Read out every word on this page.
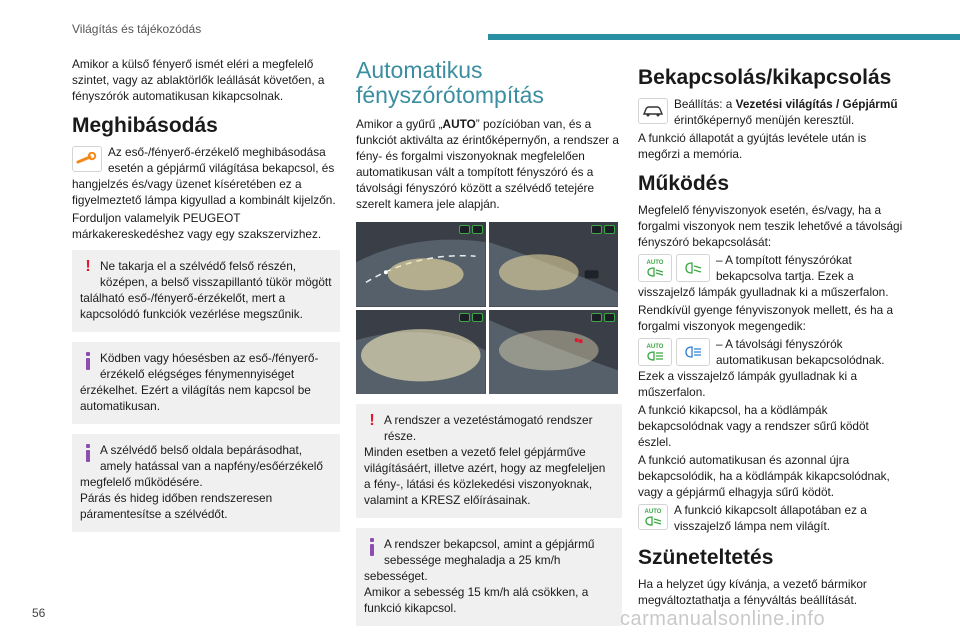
Világítás és tájékozódás

Amikor a külső fényerő ismét eléri a megfelelő szintet, vagy az ablaktörlők leállását követően, a fényszórók automatikusan kikapcsolnak.

Meghibásodás

Az eső-/fényerő-érzékelő meghibásodása esetén a gépjármű világítása bekapcsol, és hangjelzés és/vagy üzenet kíséretében ez a figyelmeztető lámpa kigyullad a kombinált kijelzőn.

Forduljon valamelyik PEUGEOT márkakereskedéshez vagy egy szakszervizhez.

! Ne takarja el a szélvédő felső részén, középen, a belső visszapillantó tükör mögött található eső-/fényerő-érzékelőt, mert a kapcsolódó funkciók vezérlése megszűnik.
Ködben vagy hóesésben az eső-/fényerő-érzékelő elégséges fénymennyiséget érzékelhet. Ezért a világítás nem kapcsol be automatikusan.
A szélvédő belső oldala bepárásodhat, amely hatással van a napfény/esőérzékelő megfelelő működésére.
Párás és hideg időben rendszeresen páramentesítse a szélvédőt.
Automatikus
fényszórótompítás

Amikor a gyűrű „AUTO” pozícióban van, és a funkciót aktiválta az érintőképernyőn, a rendszer a fény- és forgalmi viszonyoknak megfelelően automatikusan vált a tompított fényszóró és a távolsági fényszóró között a szélvédő tetejére szerelt kamera jele alapján.

! A rendszer a vezetéstámogató rendszer része.
Minden esetben a vezető felel gépjárműve világításáért, illetve azért, hogy az megfeleljen a fény-, látási és közlekedési viszonyoknak, valamint a KRESZ előírásainak.
A rendszer bekapcsol, amint a gépjármű sebessége meghaladja a 25 km/h sebességet.
Amikor a sebesség 15 km/h alá csökken, a funkció kikapcsol.
Bekapcsolás/kikapcsolás

Beállítás: a Vezetési világítás / Gépjármű érintőképernyő menüjén keresztül.

A funkció állapotát a gyújtás levétele után is megőrzi a memória.

Működés

Megfelelő fényviszonyok esetén, és/vagy, ha a forgalmi viszonyok nem teszik lehetővé a távolsági fényszóró bekapcsolását:

AUTO	– A tompított fényszórókat bekapcsolva tartja. Ezek a visszajelző lámpák gyulladnak ki a műszerfalon.

Rendkívül gyenge fényviszonyok mellett, és ha a forgalmi viszonyok megengedik:

AUTO	– A távolsági fényszórók automatikusan bekapcsolódnak. Ezek a visszajelző lámpák gyulladnak ki a műszerfalon.

A funkció kikapcsol, ha a ködlámpák bekapcsolódnak vagy a rendszer sűrű ködöt észlel.

A funkció automatikusan és azonnal újra bekapcsolódik, ha a ködlámpák kikapcsolódnak, vagy a gépjármű elhagyja sűrű ködöt.

AUTO	A funkció kikapcsolt állapotában ez a visszajelző lámpa nem világít.

Szüneteltetés

Ha a helyzet úgy kívánja, a vezető bármikor megváltoztathatja a fényváltás beállítását.

56	carmanualsonline.info
